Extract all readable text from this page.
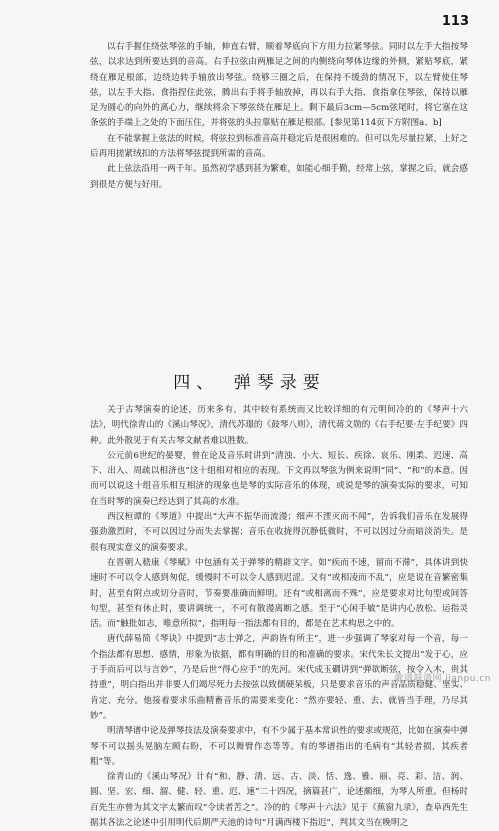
113

以右手握住绕弦琴弦的手轴，伸直右臂，顺着琴底向下方用力拉紧琴弦。同时以左手大指按琴弦，以求达到所要达到的音高。右手拉弦由两雁足之间的内侧绕向琴体边缘的外侧，紧贴琴底，紧绕在雁足根部，边绕边转手轴放出琴弦。绕够三圈之后，在保持不缓劲的情况下，以左臂使住琴弦，以左手大指、食指捏住此弦，腾出右手将手轴放掉，再以右手大指、食指拿住琴弦，保持以雁足为圆心的向外的离心力，继续将余下琴弦绕在雁足上。剩下最后3cm—5cm弦尾时，将它塞在这条弦的手端上之处的下面压住，并将弦的头拉靠贴在雁足根部。[参见第114页下方附图a、b]

在不能掌握上弦法的时候，将弦拉到标准音高并稳定后是很困难的。但可以先尽量拉紧，上好之后再用搓紧绒扣的方法将琴弦提到所需的音高。

此上弦法沿用一两千年。虽然初学感到甚为繁难，如能心细手勤，经常上弦，掌握之后，就会感到很是方便与好用。

四、　弹琴录要

关于古琴演奏的论述，历来多有，其中较有系统而又比较详细的有元明间冷的的《琴声十六法》，明代徐青山的《溪山琴况》，清代苏璟的《鼓琴八则》，清代蒋文勋的《右手纪要·左手纪要》四种。此外散见于有关古琴文献者难以胜数。

公元前6世纪的晏婴，曾在论及音乐时讲到“清浊、小大、短长、疾徐、哀乐、刚柔、迟速、高下、出入、周疏以相济也”这十组相对相应的表现。下文再以琴弦为例来说明“同”、“和”的本意。因而可以说这十组音乐相互相济的现象也是琴的实际音乐的体现，或说是琴的演奏实际的要求，可知在当时琴的演奏已经达到了其高的水准。

西汉桓谭的《琴道》中提出“大声不振华而流漫；细声不湮灭而不闻”，告诉我们音乐在发展得强劲激烈时，不可以因过分而失去掌握；音乐在收拢得沉静低微时，不可以因过分而暗淡消失。是很有现实意义的演奏要求。

在晋朝人嵇康《琴赋》中包涵有关于弹琴的精辟文字。如“疾而不速，留而不滞”，具体讲到快速时不可以令人感到匆促，缓慢时不可以令人感到迟涩。又有“或相凌而不乱”，应是说在音繁密集时，甚至有附点或切分音时，节奏要准确而鲜明。还有“或相离而不殊”，应是要求对比句型或间答句型，甚至有休止时，要讲调统一，不可有散漫离断之感。至于“心闲手敏”是讲内心放松、运指灵活。而“触批如志，唯意所拟”，指明每一指法都有目的，都是在艺术构思之中的。

唐代薛易简《琴诀》中提到“志士弹之，声韵皆有所主”，进一步强调了琴家对每一个音，每一个指法都有思想、感情，形象为依据，都有明确的目的和准确的要求。宋代朱长文提出“发于心，应于手而后可以与言妙”，乃是后世“得心应手”的先河。宋代成玉磵讲到“弹欲断弦，按令入木，贵其持重”，明白指出并非要人们竭尽死力去按弦以致儒硬呆板，只是要求音乐的声音品质稳健、坚实、肯定、充分。他接着要求乐曲精畜音乐的需要来变化：“然亦要轻、重、去、就皆当手理，乃尽其妙”。

明清琴谱中论及弹琴技法及演奏要求中，有不少属于基本常识性的要求或规范，比如在演奏中弹琴不可以摇头晃脑左顾右盼，不可以舞臂作态等等。有的琴谱指出的毛病有“其轻者损，其疾者粗”等。

徐青山的《溪山琴况》计有“和、静、清、远、古、淡、恬、逸、雅、丽、亮、彩、洁、润、圆、坚、宏、细、溜、健、轻、重、迟、速”二十四况，摘篇甚广，论述颇细，为琴人所重。但杨时百先生亦曾为其文字太繁而叹“令读者苦之”。冷的的《琴声十六法》见于《蕉窗九录》，查阜西先生据其各法之论述中引用明代后期严天池的诗句“月满西楼下指迟”，判其文当在晚明之

歌谱简谱网 jianpu.cn
